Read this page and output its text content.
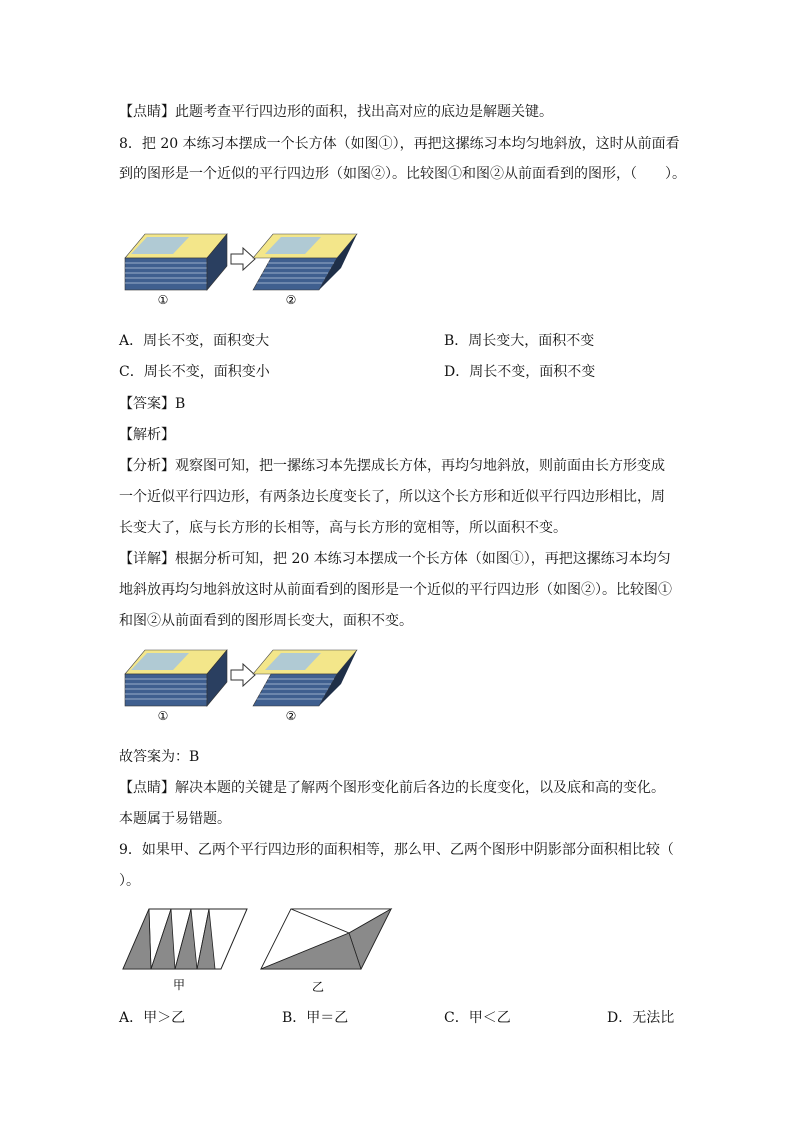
【点睛】此题考查平行四边形的面积，找出高对应的底边是解题关键。
8．把 20 本练习本摆成一个长方体（如图①），再把这摞练习本均匀地斜放，这时从前面看
到的图形是一个近似的平行四边形（如图②）。比较图①和图②从前面看到的图形，（　　）。
①	②
A．周长不变，面积变大	B．周长变大，面积不变
C．周长不变，面积变小	D．周长不变，面积不变
【答案】B
【解析】
【分析】观察图可知，把一摞练习本先摆成长方体，再均匀地斜放，则前面由长方形变成
一个近似平行四边形，有两条边长度变长了，所以这个长方形和近似平行四边形相比，周
长变大了，底与长方形的长相等，高与长方形的宽相等，所以面积不变。
【详解】根据分析可知，把 20 本练习本摆成一个长方体（如图①），再把这摞练习本均匀
地斜放再均匀地斜放这时从前面看到的图形是一个近似的平行四边形（如图②）。比较图①
和图②从前面看到的图形周长变大，面积不变。
①	②
故答案为：B
【点睛】解决本题的关键是了解两个图形变化前后各边的长度变化，以及底和高的变化。
本题属于易错题。
9．如果甲、乙两个平行四边形的面积相等，那么甲、乙两个图形中阴影部分面积相比较（
）。
甲	乙
A．甲＞乙	B．甲＝乙	C．甲＜乙	D．无法比
